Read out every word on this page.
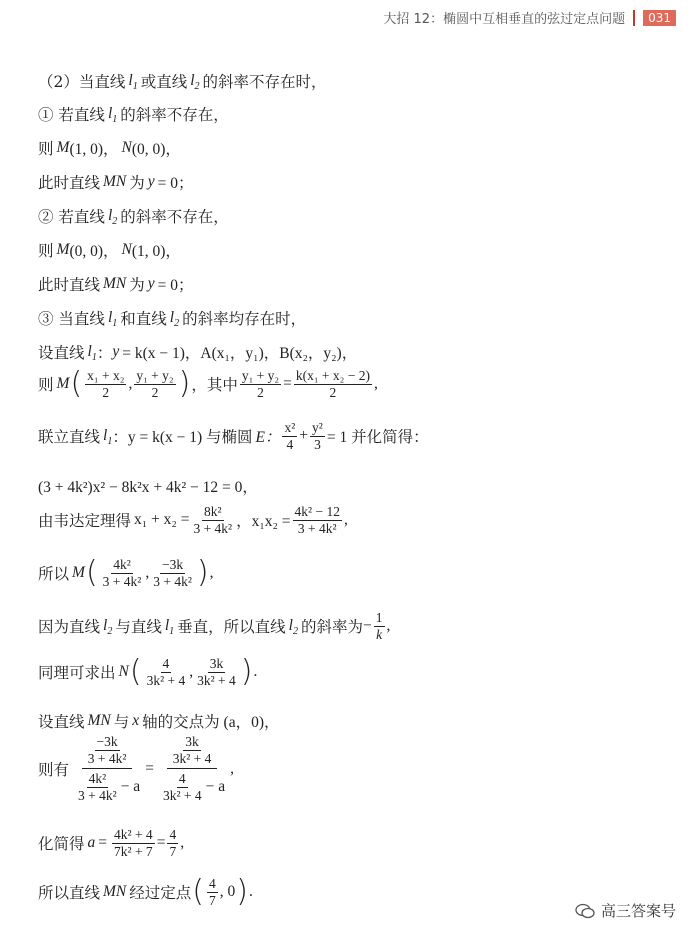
大招 12：椭圆中互相垂直的弦过定点问题	031
（2）当直线 $l_1$ 或直线 $l_2$ 的斜率不存在时，
① 若直线 $l_1$ 的斜率不存在，
则 M (1, 0)， N (0, 0)，
此时直线 MN 为 y = 0；
② 若直线 $l_2$ 的斜率不存在，
则 M (0, 0)， N (1, 0)，
此时直线 MN 为 y = 0；
③ 当直线 $l_1$ 和直线 $l_2$ 的斜率均存在时，
设直线 $l_1$ ： y = k(x − 1)， A(x₁，y₁)， B(x₂，y₂)，
则 M ( $\frac{\text{x₁ + x₂}}{2}$ , $\frac{\text{y₁ + y₂}}{2}$ ) ，其中 $\frac{\text{y₁ + y₂}}{2} = \frac{\text{k(x₁ + x₂ − 2)}}{2}$ ,
联立直线 $l_1$ ：y = k(x − 1) 与椭圆 E： $\frac{\text{x²}}{4} + \frac{\text{y²}}{3} = 1$ 并化简得：
(3 + 4k²)x² − 8k²x + 4k² − 12 = 0，
由韦达定理得 $x_1 + x_2 = \frac{\text{8k²}}{\text{3 + 4k²}}$ ，$x_1x_2 = \frac{\text{4k² − 12}}{\text{3 + 4k²}}$ ,
所以 M ( $\frac{\text{4k²}}{\text{3 + 4k²}}$ , $\frac{-3k}{\text{3 + 4k²}}$ ) ,
因为直线 $l_2$ 与直线 $l_1$ 垂直，所以直线 $l_2$ 的斜率为 − $\frac{1}{k}$ ,
同理可求出 N ( $\frac{4}{\text{3k² + 4}}$ , $\frac{3k}{\text{3k² + 4}}$ ) .
设直线 MN 与 x 轴的交点为 (a，0)，
则有 $\frac{\frac{-3k}{\text{3 + 4k²}}}{\frac{\text{4k²}}{\text{3 + 4k²}} - a} = \frac{\frac{3k}{\text{3k² + 4}}}{\frac{4}{\text{3k² + 4}} - a}$ ,
化简得 $a = \frac{\text{4k² + 4}}{\text{7k² + 7}} = \frac{4}{7}$ ,
所以直线 MN 经过定点 ( $\frac{4}{7}$ , 0 ) .
高三答案号
